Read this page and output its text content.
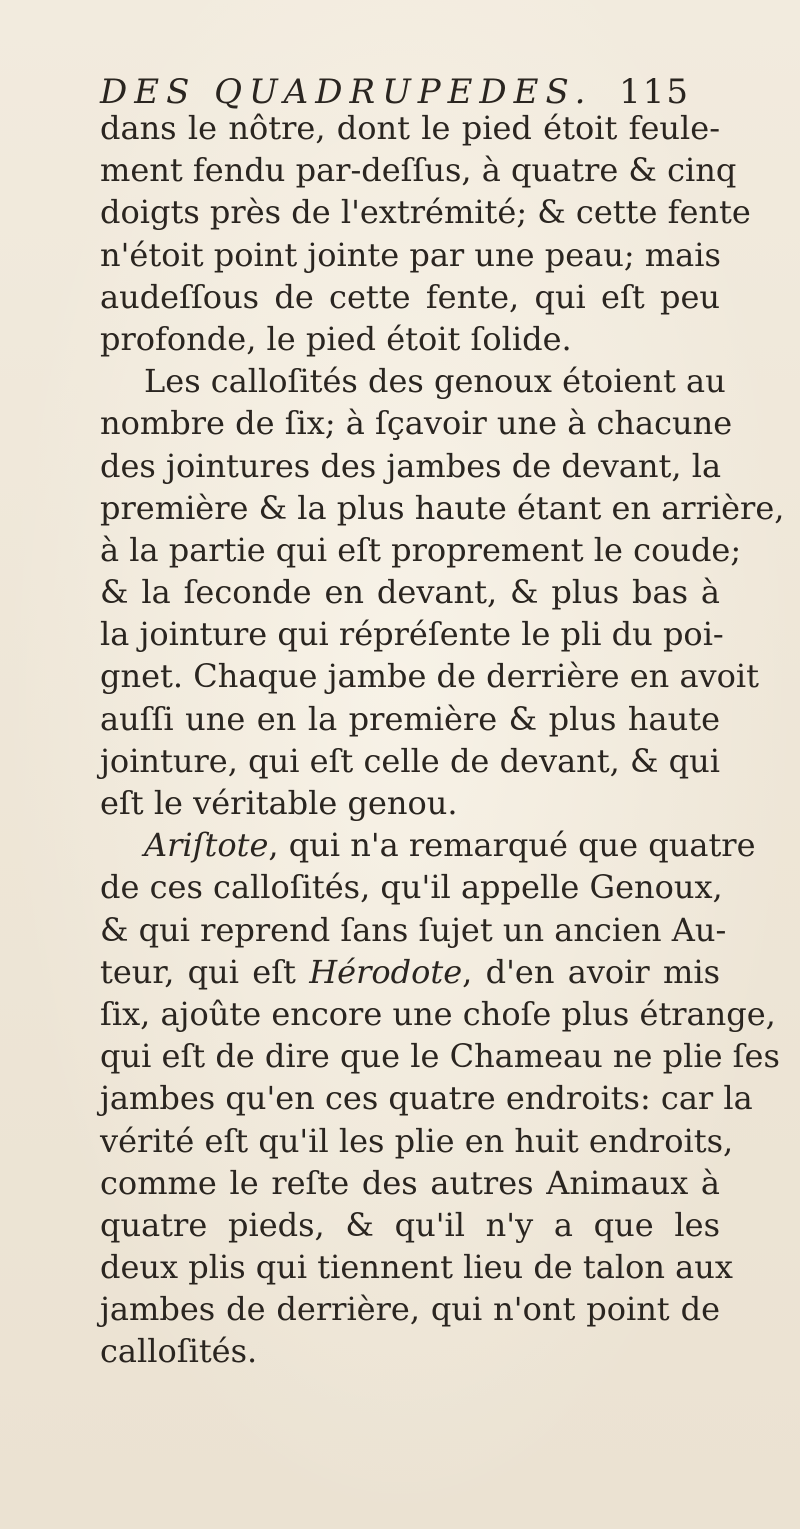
DES QUADRUPEDES. 115
dans le nôtre, dont le pied étoit feule-
ment fendu par-deſſus, à quatre & cinq
doigts près de l'extrémité; & cette fente
n'étoit point jointe par une peau; mais
audeſſous de cette fente, qui eſt peu
profonde, le pied étoit ſolide.
Les calloſités des genoux étoient au
nombre de ſix; à ſçavoir une à chacune
des jointures des jambes de devant, la
première & la plus haute étant en arrière,
à la partie qui eſt proprement le coude;
& la ſeconde en devant, & plus bas à
la jointure qui répréſente le pli du poi-
gnet. Chaque jambe de derrière en avoit
auſſi une en la première & plus haute
jointure, qui eſt celle de devant, & qui
eſt le véritable genou.
Ariſtote, qui n'a remarqué que quatre
de ces calloſités, qu'il appelle Genoux,
& qui reprend ſans ſujet un ancien Au-
teur, qui eſt Hérodote, d'en avoir mis
ſix, ajoûte encore une choſe plus étrange,
qui eſt de dire que le Chameau ne plie ſes
jambes qu'en ces quatre endroits: car la
vérité eſt qu'il les plie en huit endroits,
comme le reſte des autres Animaux à
quatre pieds, & qu'il n'y a que les
deux plis qui tiennent lieu de talon aux
jambes de derrière, qui n'ont point de
calloſités.
